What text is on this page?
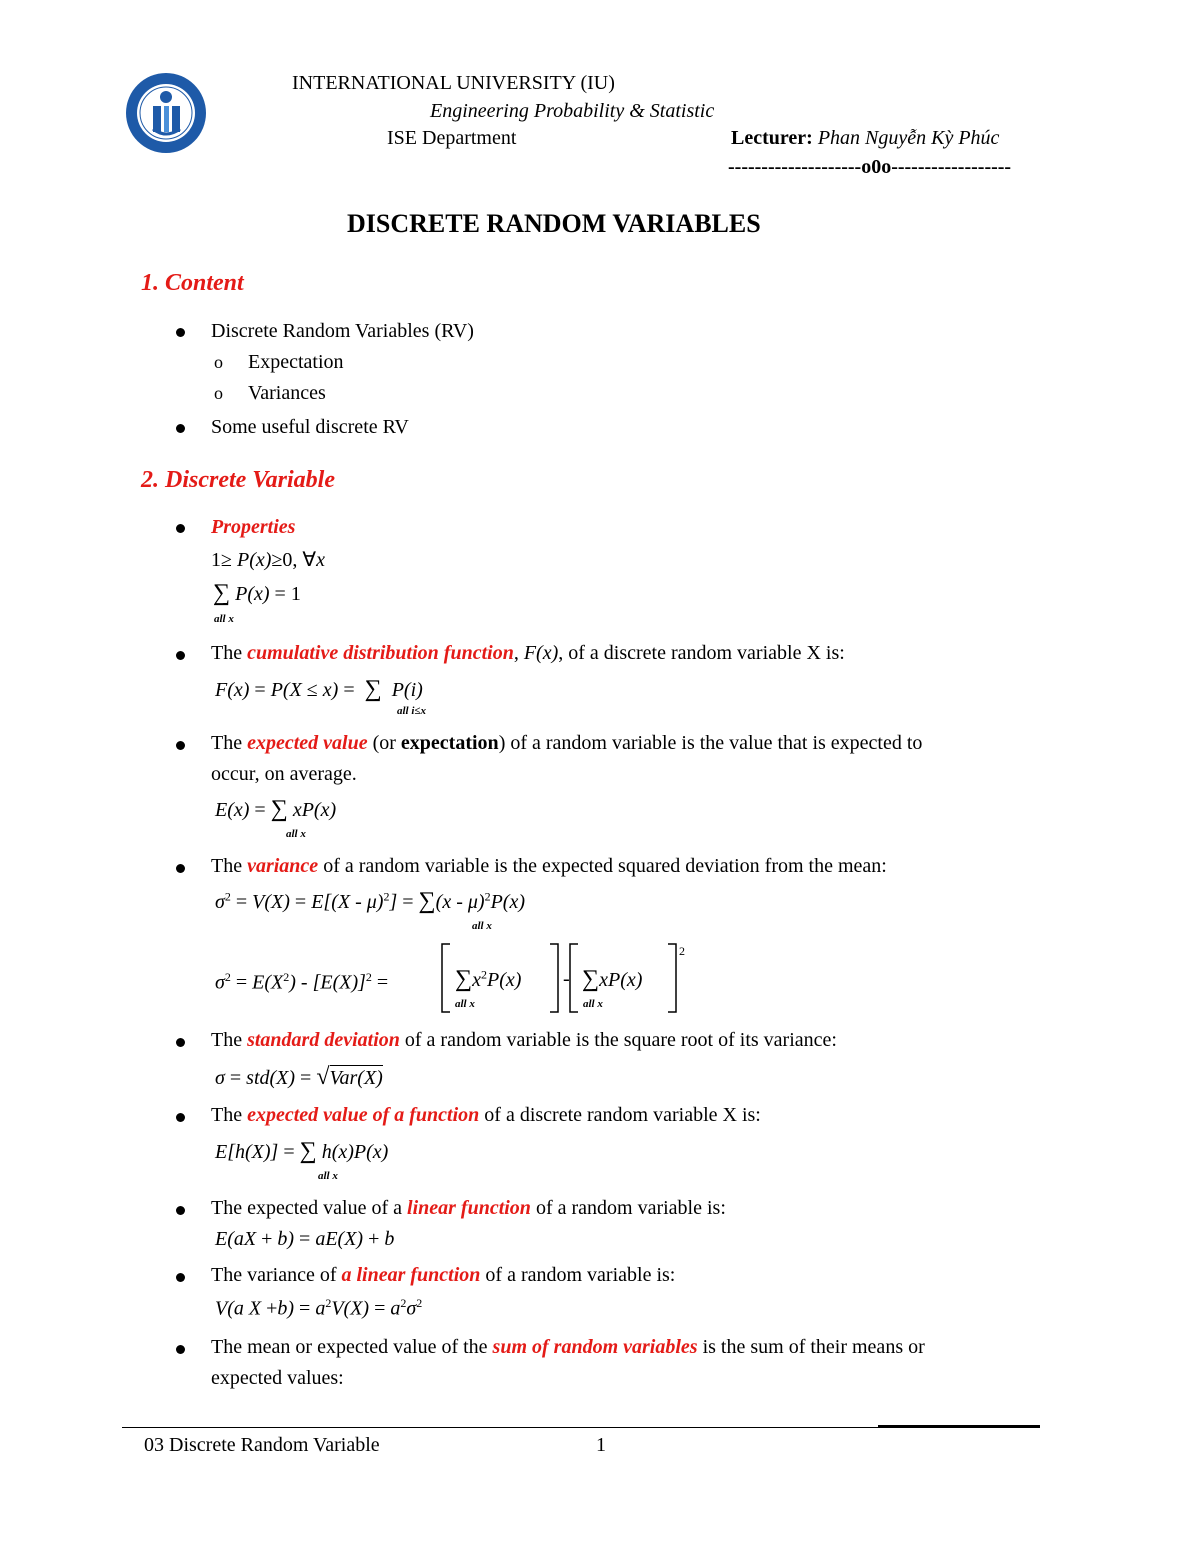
INTERNATIONAL UNIVERSITY (IU)
Engineering Probability & Statistic
ISE Department	Lecturer: Phan Nguyễn Kỳ Phúc
--------------------o0o------------------
DISCRETE RANDOM VARIABLES
1. Content
Discrete Random Variables (RV)
o Expectation
o Variances
Some useful discrete RV
2. Discrete Variable
Properties
1≥ P(x)≥0, ∀x
∑ P(x) = 1
all x
The cumulative distribution function, F(x), of a discrete random variable X is:
F(x) = P(X ≤ x) = ∑  P(i)
all i≤x
The expected value (or expectation) of a random variable is the value that is expected to
occur, on average.
E(x) = ∑ xP(x)
all x
The variance of a random variable is the expected squared deviation from the mean:
$\sigma^2 = V(X) = E[(X - \mu)^2] = \sum(x - \mu)^2P(x)$
all x
$\sigma^2 = E(X^2) - [E(X)]^2$ =	-
2
$\sum x^2P(x)$
all x
∑xP(x)
all x
The standard deviation of a random variable is the square root of its variance:
σ = std(X) = √Var(X)
The expected value of a function of a discrete random variable X is:
E[h(X)] = ∑ h(x)P(x)
all x
The expected value of a linear function of a random variable is:
E(aX + b) = aE(X) + b
The variance of a linear function of a random variable is:
V(a $X +b) = a^2V(X) = a^2\sigma^2$
The mean or expected value of the sum of random variables is the sum of their means or
expected values:
03 Discrete Random Variable	1
